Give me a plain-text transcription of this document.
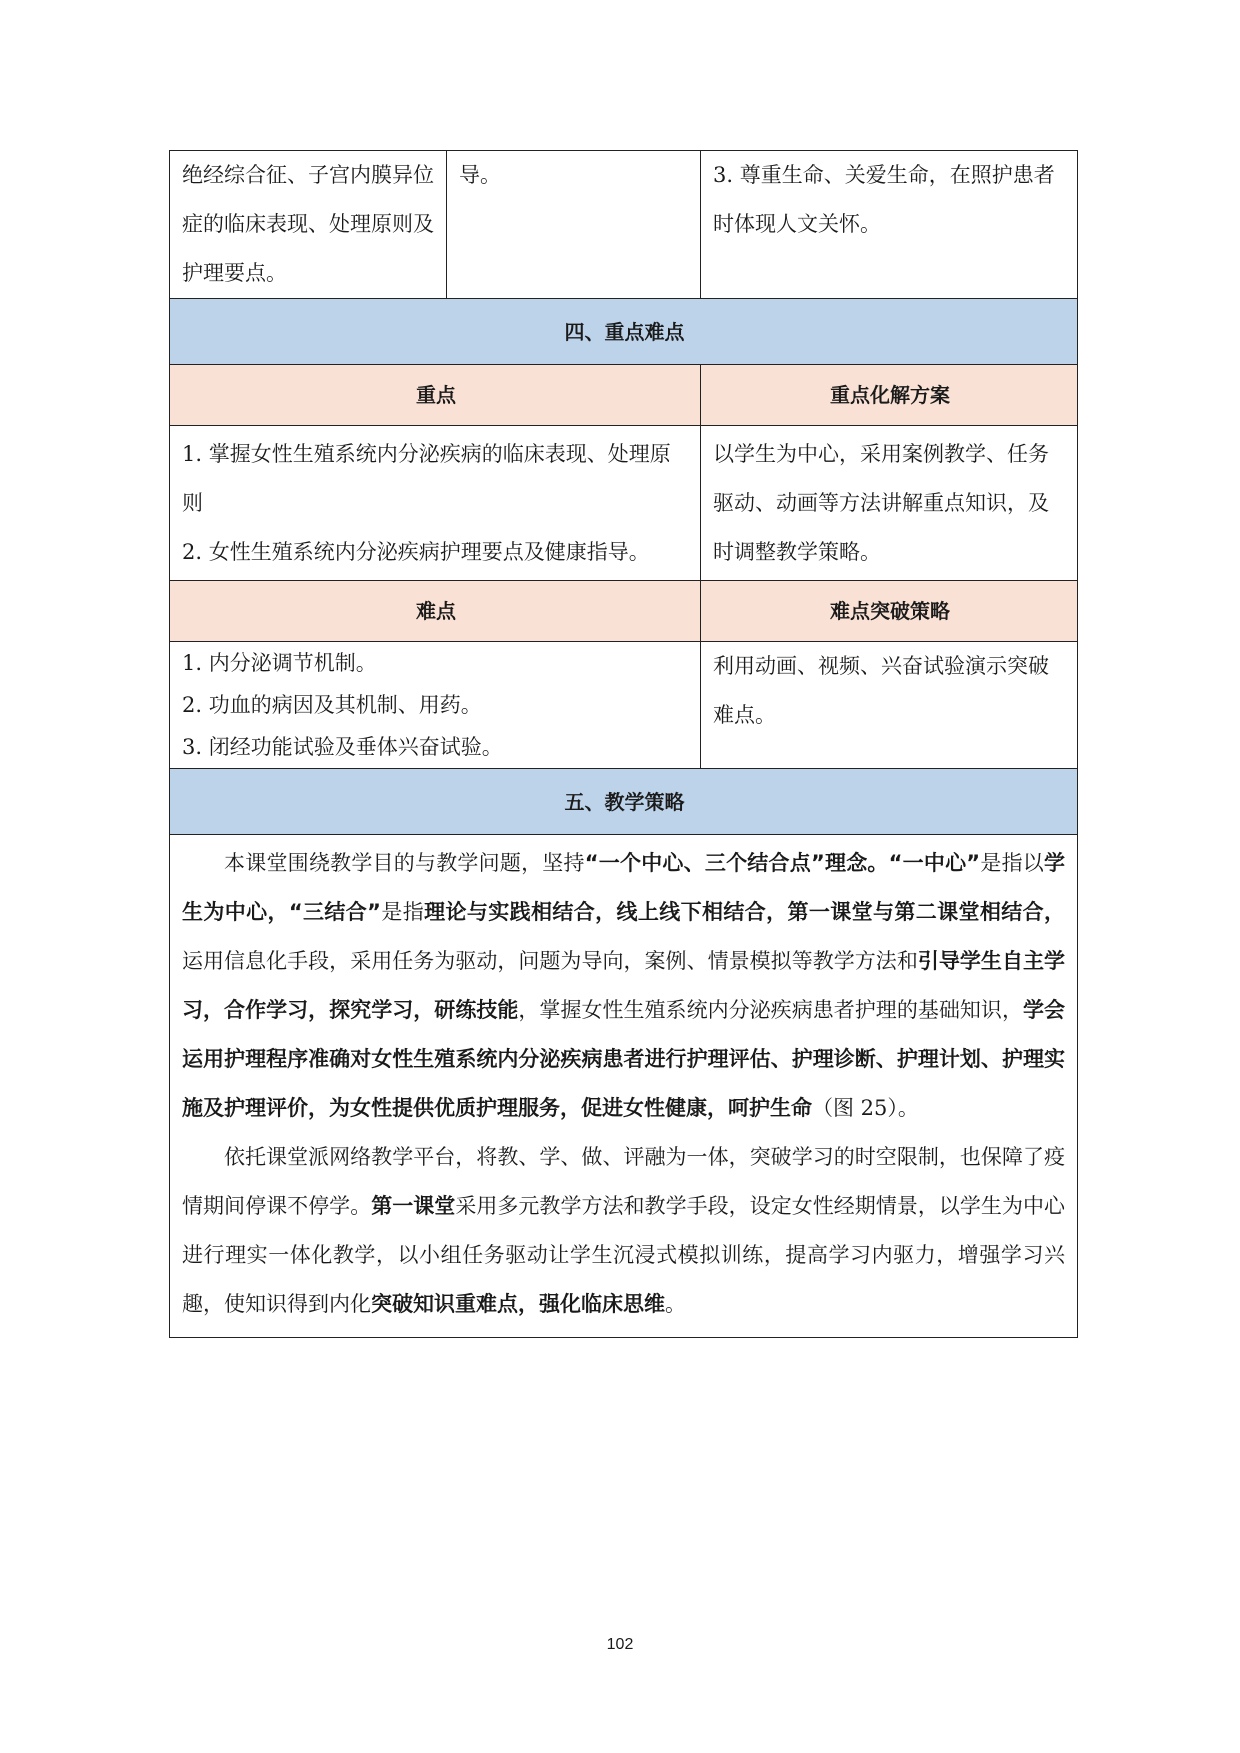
绝经综合征、子宫内膜异位症的临床表现、处理原则及护理要点。	导。	3. 尊重生命、关爱生命，在照护患者时体现人文关怀。

四、重点难点		
重点		重点化解方案

1. 掌握女性生殖系统内分泌疾病的临床表现、处理原则
2. 女性生殖系统内分泌疾病护理要点及健康指导。		以学生为中心，采用案例教学、任务驱动、动画等方法讲解重点知识，及时调整教学策略。
难点		难点突破策略

1. 内分泌调节机制。
2. 功血的病因及其机制、用药。
3. 闭经功能试验及垂体兴奋试验。		利用动画、视频、兴奋试验演示突破难点。
五、教学策略		

本课堂围绕教学目的与教学问题，坚持“一个中心、三个结合点”理念。“一中心”是指以学生为中心，“三结合”是指理论与实践相结合，线上线下相结合，第一课堂与第二课堂相结合，运用信息化手段，采用任务为驱动，问题为导向，案例、情景模拟等教学方法和引导学生自主学习，合作学习，探究学习，研练技能，掌握女性生殖系统内分泌疾病患者护理的基础知识，学会运用护理程序准确对女性生殖系统内分泌疾病患者进行护理评估、护理诊断、护理计划、护理实施及护理评价，为女性提供优质护理服务，促进女性健康，呵护生命（图 25）。

依托课堂派网络教学平台，将教、学、做、评融为一体，突破学习的时空限制，也保障了疫情期间停课不停学。第一课堂采用多元教学方法和教学手段，设定女性经期情景，以学生为中心进行理实一体化教学，以小组任务驱动让学生沉浸式模拟训练，提高学习内驱力，增强学习兴趣，使知识得到内化突破知识重难点，强化临床思维。		

102
